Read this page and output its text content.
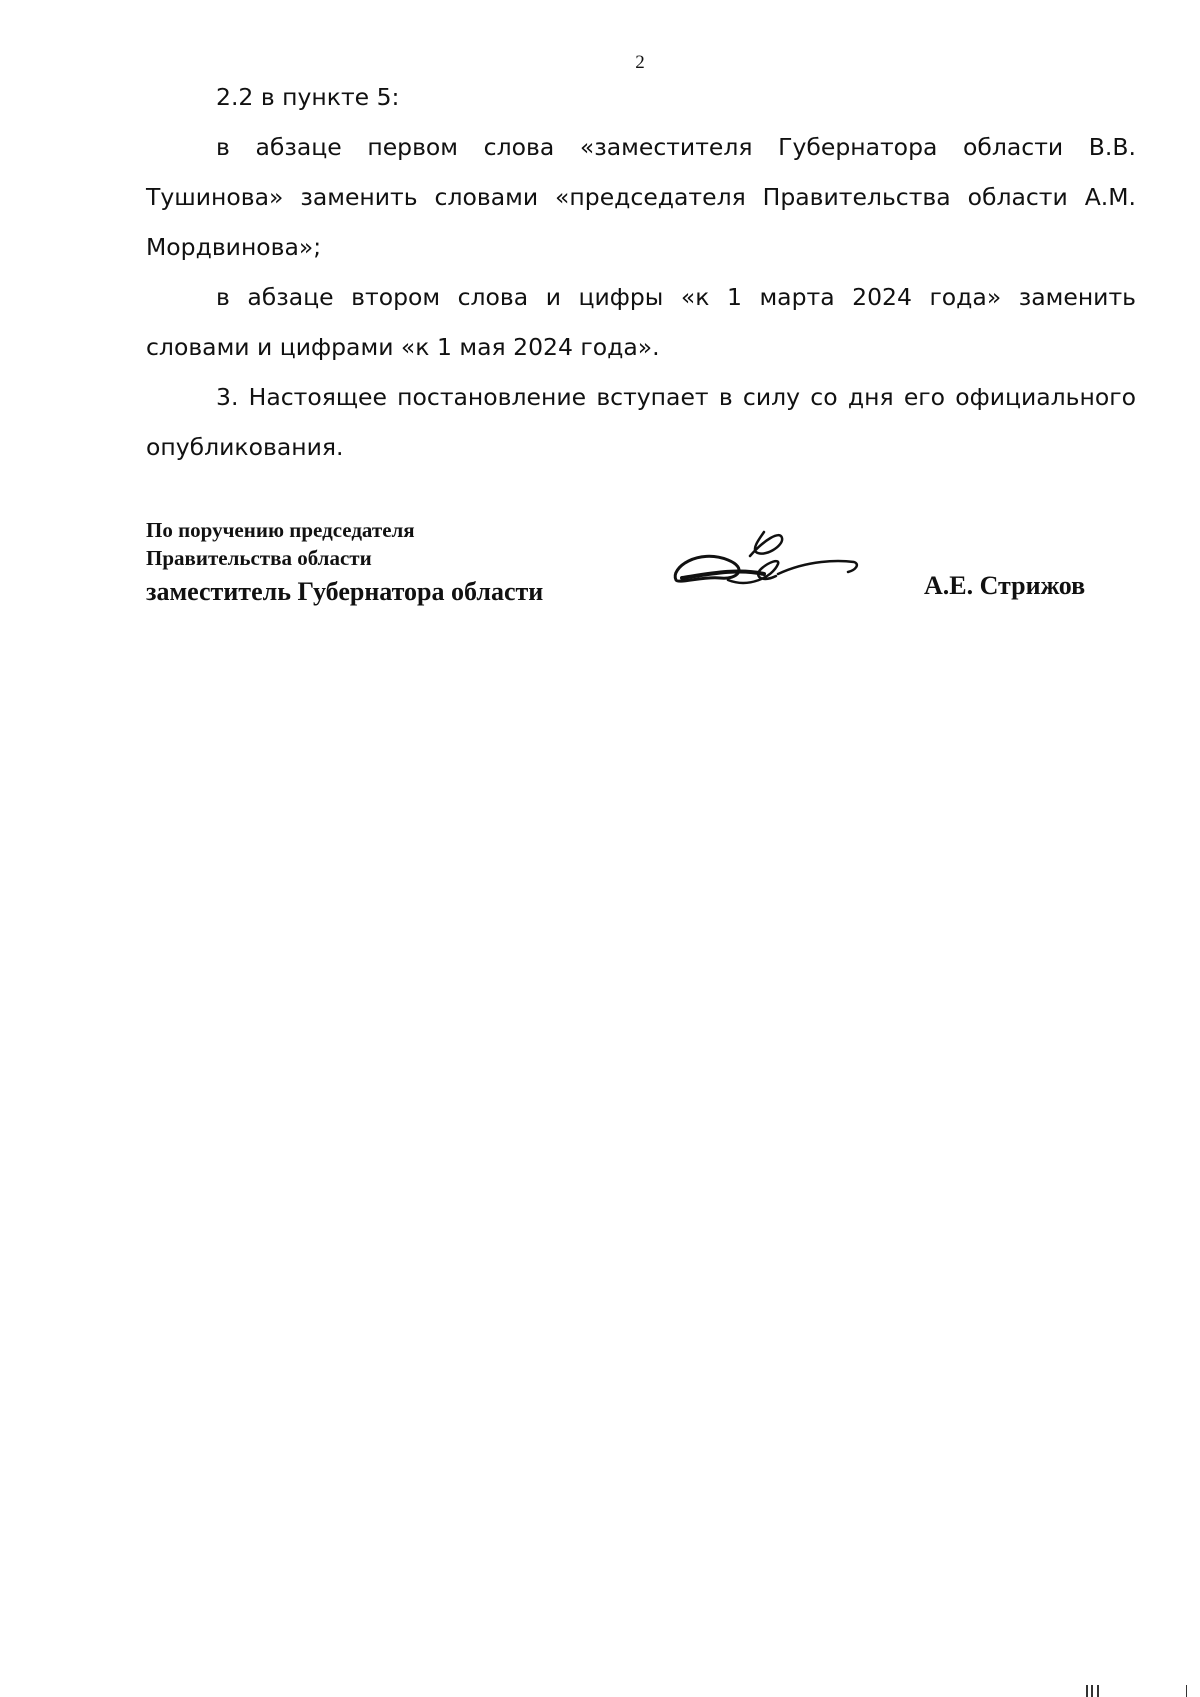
2

2.2 в пункте 5:

в абзаце первом слова «заместителя Губернатора области В.В. Тушинова» заменить словами «председателя Правительства области А.М. Мордвинова»;

в абзаце втором слова и цифры «к 1 марта 2024 года» заменить словами и цифрами «к 1 мая 2024 года».

3. Настоящее постановление вступает в силу со дня его официального опубликования.

По поручению председателя
Правительства области
заместитель Губернатора области	А.Е. Стрижов
